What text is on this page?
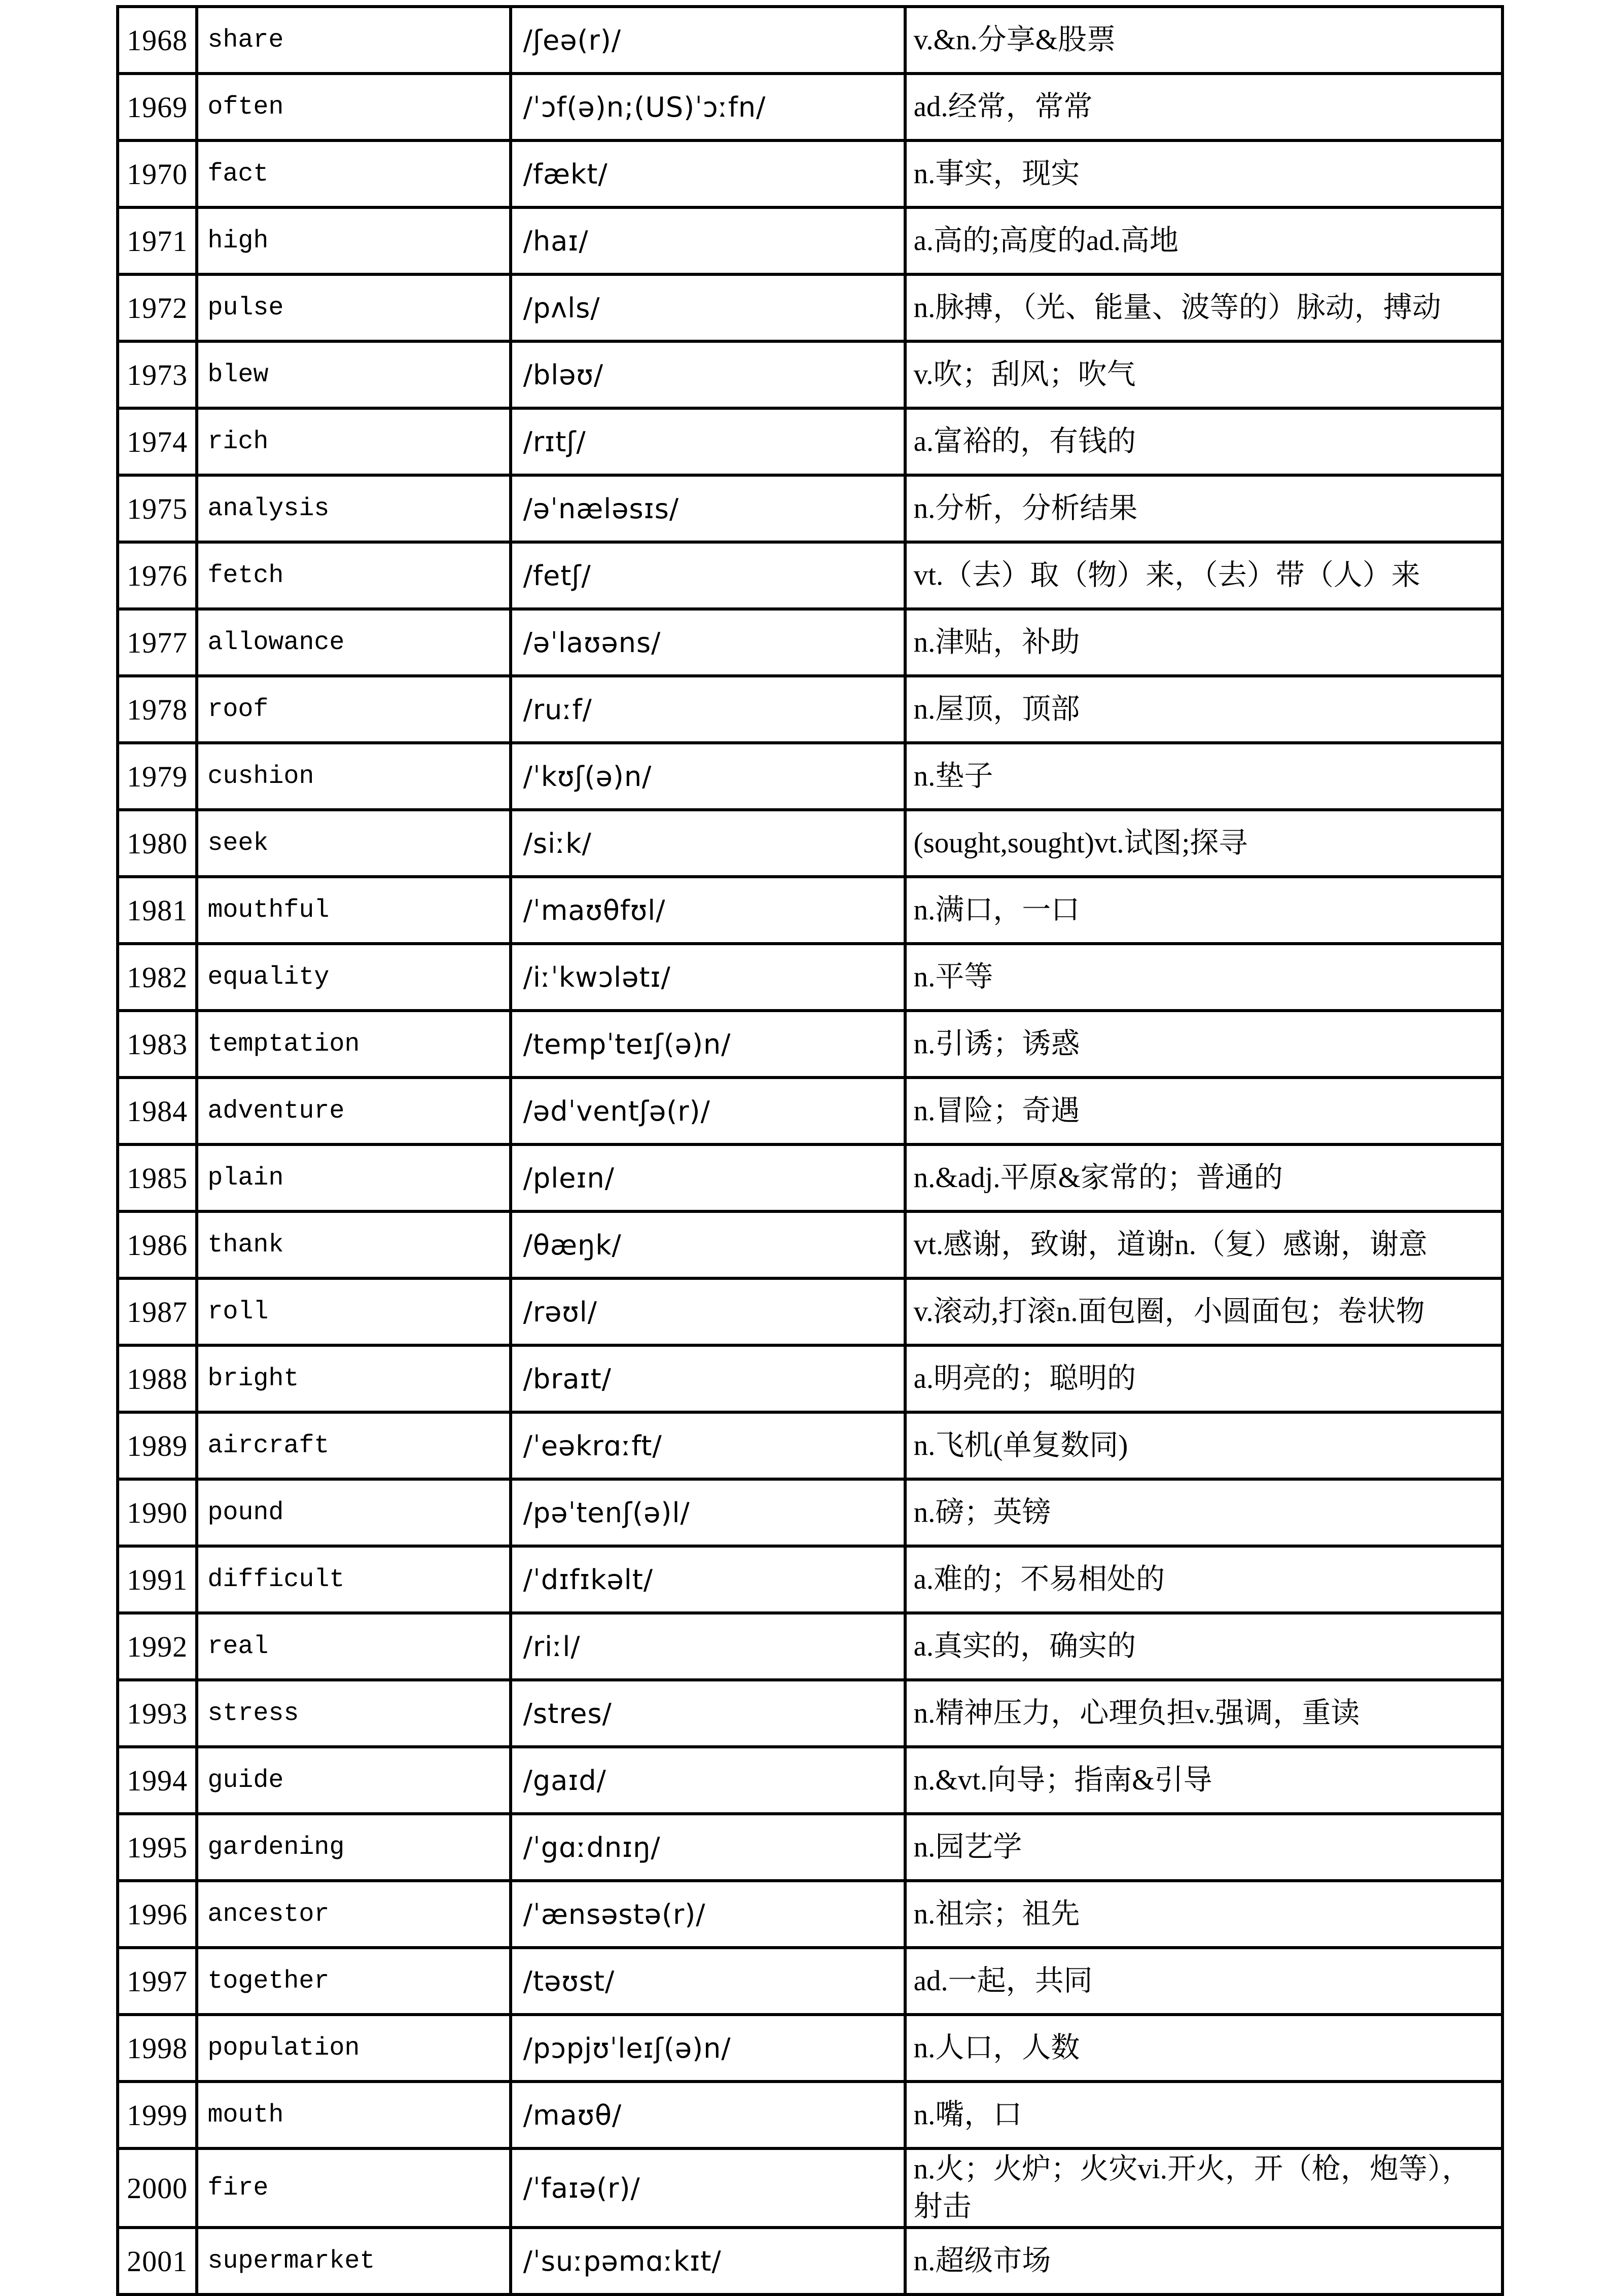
1968	share	/ʃeə(r)/	v.&n.分享&股票
1969	often	/ˈɔf(ə)n;(US)ˈɔːfn/	ad.经常，常常
1970	fact	/fækt/	n.事实，现实
1971	high	/haɪ/	a.高的;高度的ad.高地
1972	pulse	/pʌls/	n.脉搏，（光、能量、波等的）脉动，搏动
1973	blew	/bləʊ/	v.吹；刮风；吹气
1974	rich	/rɪtʃ/	a.富裕的，有钱的
1975	analysis	/əˈnæləsɪs/	n.分析，分析结果
1976	fetch	/fetʃ/	vt.（去）取（物）来，（去）带（人）来
1977	allowance	/əˈlaʊəns/	n.津贴，补助
1978	roof	/ruːf/	n.屋顶，顶部
1979	cushion	/ˈkʊʃ(ə)n/	n.垫子
1980	seek	/siːk/	(sought,sought)vt.试图;探寻
1981	mouthful	/ˈmaʊθfʊl/	n.满口，一口
1982	equality	/iːˈkwɔlətɪ/	n.平等
1983	temptation	/tempˈteɪʃ(ə)n/	n.引诱；诱惑
1984	adventure	/ədˈventʃə(r)/	n.冒险；奇遇
1985	plain	/pleɪn/	n.&adj.平原&家常的；普通的
1986	thank	/θæŋk/	vt.感谢，致谢，道谢n.（复）感谢，谢意
1987	roll	/rəʊl/	v.滚动,打滚n.面包圈，小圆面包；卷状物
1988	bright	/braɪt/	a.明亮的；聪明的
1989	aircraft	/ˈeəkrɑːft/	n.飞机(单复数同)
1990	pound	/pəˈtenʃ(ə)l/	n.磅；英镑
1991	difficult	/ˈdɪfɪkəlt/	a.难的；不易相处的
1992	real	/riːl/	a.真实的，确实的
1993	stress	/stres/	n.精神压力，心理负担v.强调，重读
1994	guide	/gaɪd/	n.&vt.向导；指南&引导
1995	gardening	/ˈgɑːdnɪŋ/	n.园艺学
1996	ancestor	/ˈænsəstə(r)/	n.祖宗；祖先
1997	together	/təʊst/	ad.一起，共同
1998	population	/pɔpjʊˈleɪʃ(ə)n/	n.人口，人数
1999	mouth	/maʊθ/	n.嘴，口
2000	fire	/ˈfaɪə(r)/	n.火；火炉；火灾vi.开火，开（枪，炮等），射击
2001	supermarket	/ˈsuːpəmɑːkɪt/	n.超级市场
